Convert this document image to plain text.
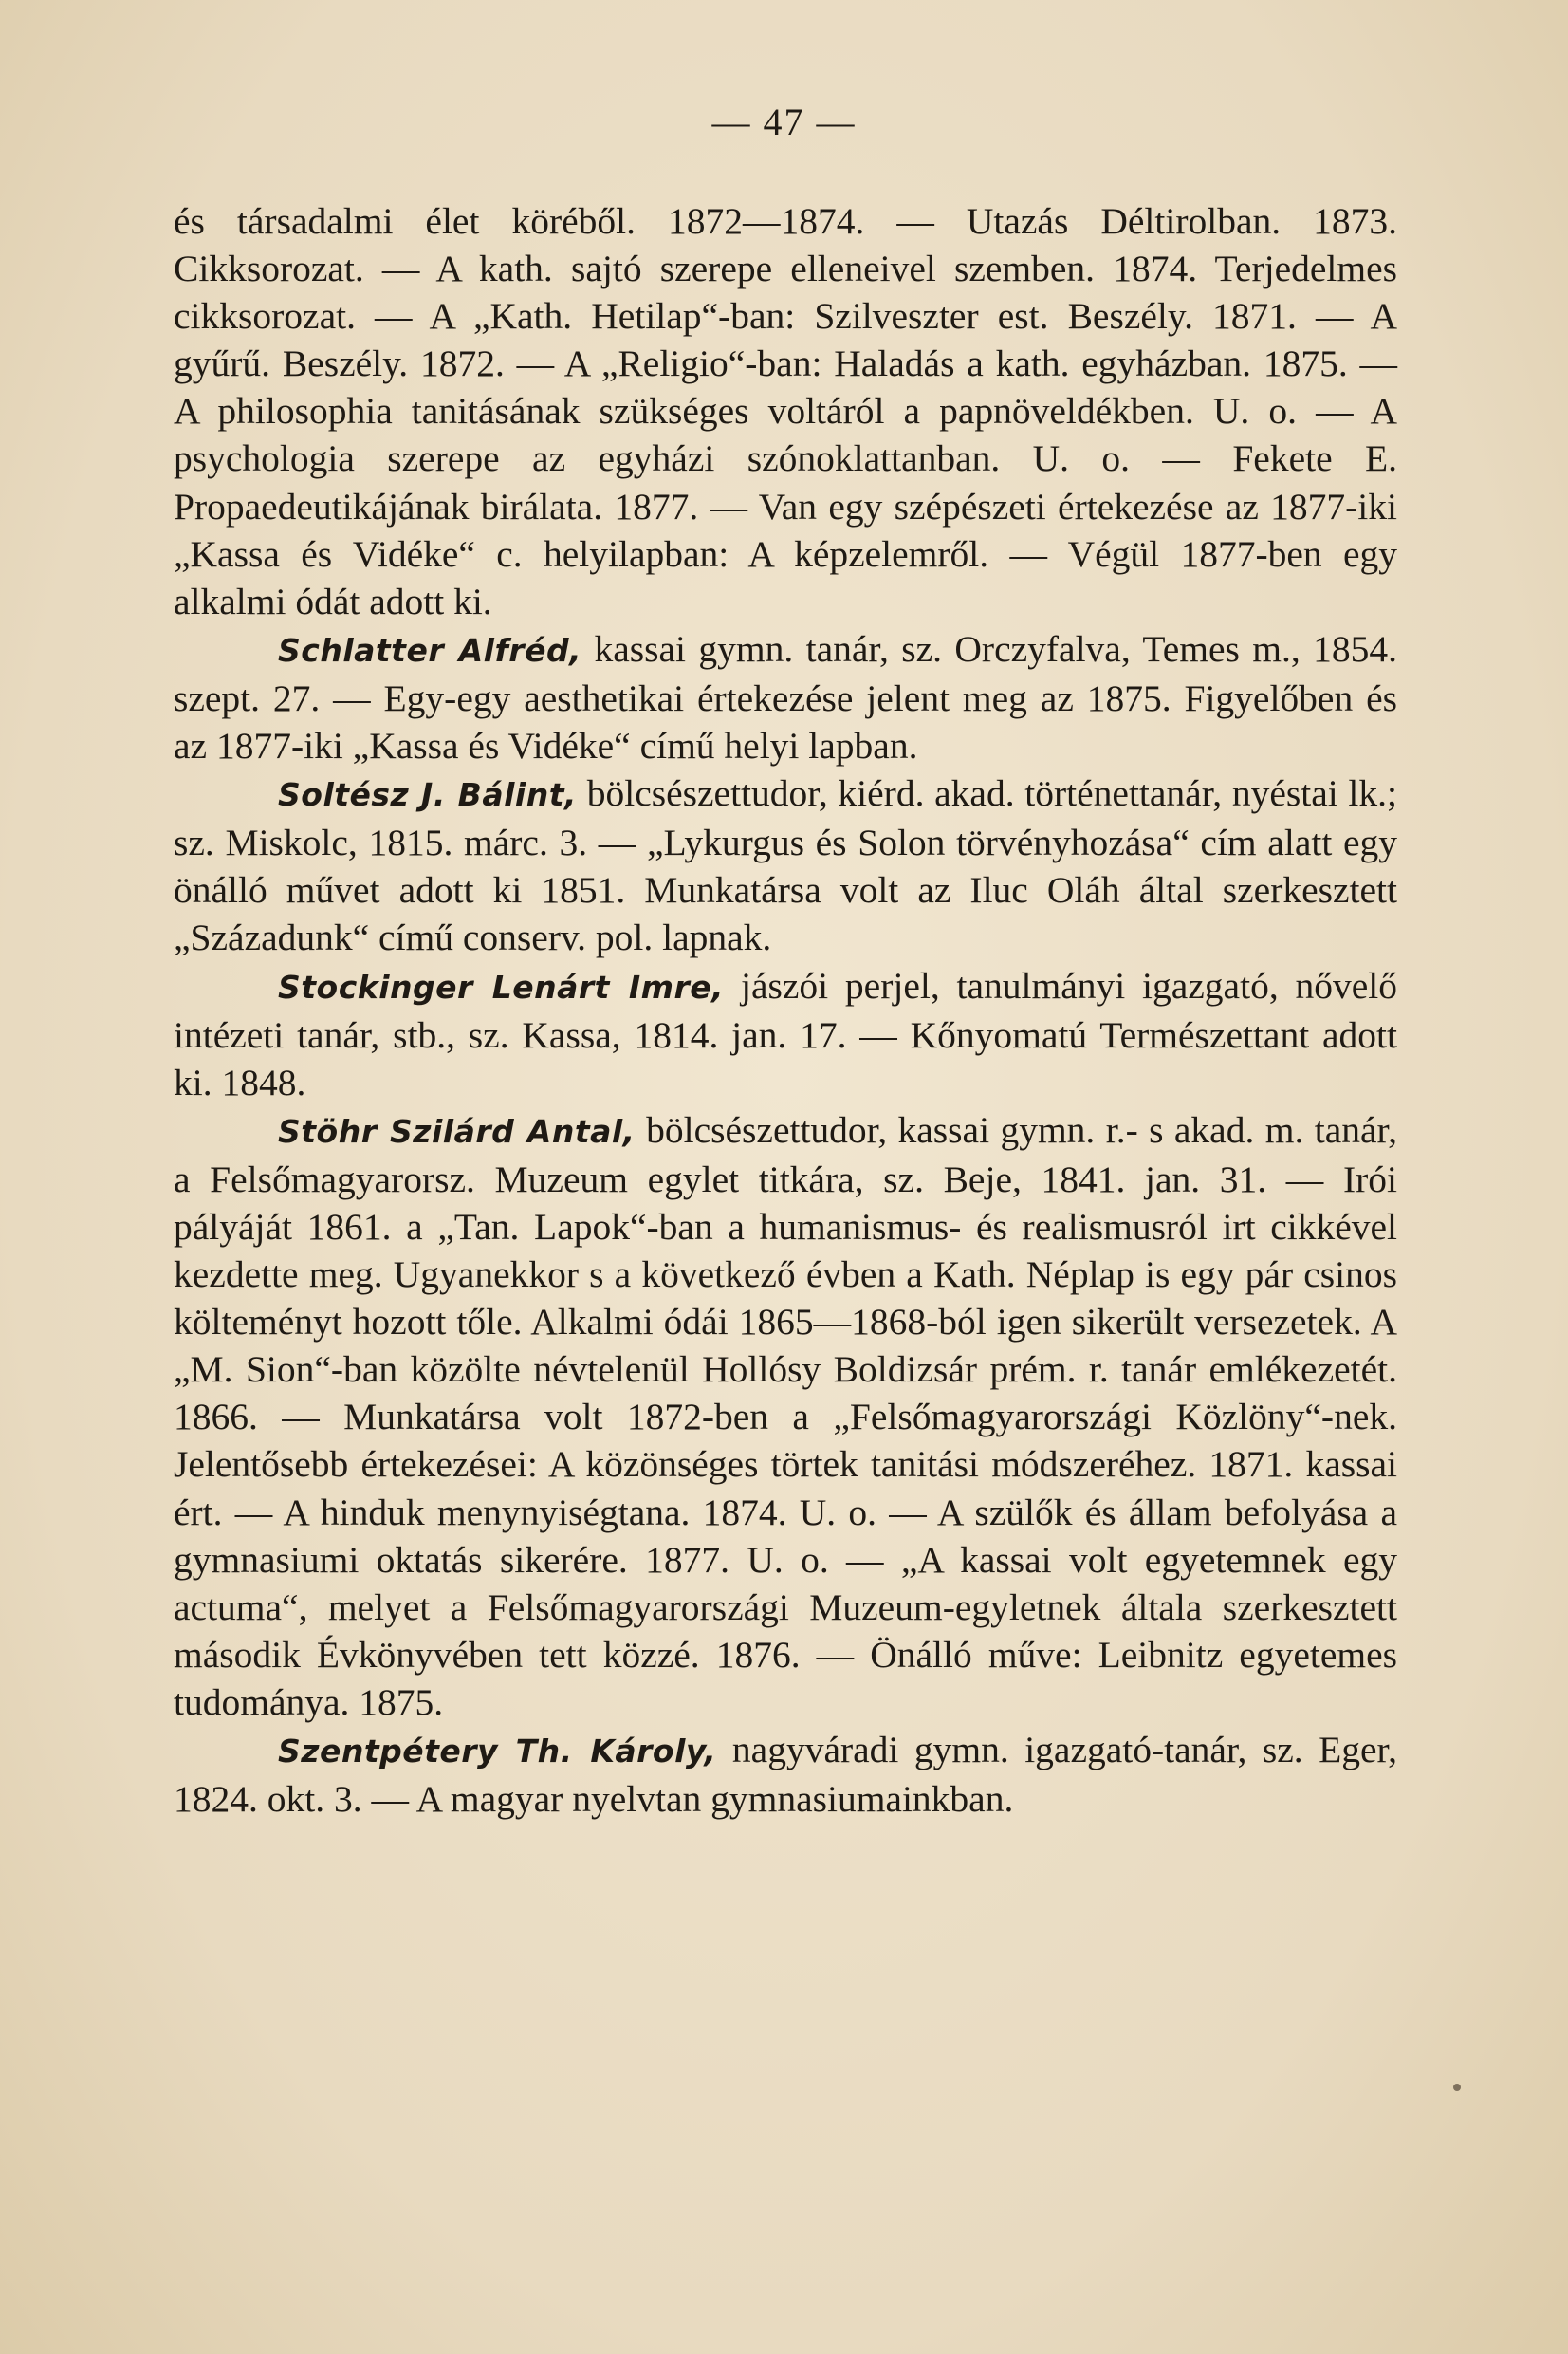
— 47 —

és társadalmi élet köréből. 1872—1874. — Utazás Déltirolban. 1873. Cikksorozat. — A kath. sajtó szerepe elleneivel szemben. 1874. Terjedelmes cikksorozat. — A „Kath. Hetilap“-ban: Szilveszter est. Beszély. 1871. — A gyűrű. Beszély. 1872. — A „Religio“-ban: Haladás a kath. egyházban. 1875. — A philosophia tanitásának szükséges voltáról a papnöveldékben. U. o. — A psychologia szerepe az egyházi szónoklattanban. U. o. — Fekete E. Propaedeutikájának birálata. 1877. — Van egy szépészeti értekezése az 1877-iki „Kassa és Vidéke“ c. helyilapban: A képzelemről. — Végül 1877-ben egy alkalmi ódát adott ki.

Schlatter Alfréd, kassai gymn. tanár, sz. Orczyfalva, Temes m., 1854. szept. 27. — Egy-egy aesthetikai értekezése jelent meg az 1875. Figyelőben és az 1877-iki „Kassa és Vidéke“ című helyi lapban.

Soltész J. Bálint, bölcsészettudor, kiérd. akad. történettanár, nyéstai lk.; sz. Miskolc, 1815. márc. 3. — „Lykurgus és Solon törvényhozása“ cím alatt egy önálló művet adott ki 1851. Munkatársa volt az Iluc Oláh által szerkesztett „Századunk“ című conserv. pol. lapnak.

Stockinger Lenárt Imre, jászói perjel, tanulmányi igazgató, nővelő intézeti tanár, stb., sz. Kassa, 1814. jan. 17. — Kőnyomatú Természettant adott ki. 1848.

Stöhr Szilárd Antal, bölcsészettudor, kassai gymn. r.- s akad. m. tanár, a Felsőmagyarorsz. Muzeum egylet titkára, sz. Beje, 1841. jan. 31. — Irói pályáját 1861. a „Tan. Lapok“-ban a humanismus- és realismusról irt cikkével kezdette meg. Ugyanekkor s a következő évben a Kath. Néplap is egy pár csinos költeményt hozott tőle. Alkalmi ódái 1865—1868-ból igen sikerült versezetek. A „M. Sion“-ban közölte névtelenül Hollósy Boldizsár prém. r. tanár emlékezetét. 1866. — Munkatársa volt 1872-ben a „Felsőmagyarországi Közlöny“-nek. Jelentősebb értekezései: A közönséges törtek tanitási módszeréhez. 1871. kassai ért. — A hinduk menynyiségtana. 1874. U. o. — A szülők és állam befolyása a gymnasiumi oktatás sikerére. 1877. U. o. — „A kassai volt egyetemnek egy actuma“, melyet a Felsőmagyarországi Muzeum-egyletnek általa szerkesztett második Évkönyvében tett közzé. 1876. — Önálló műve: Leibnitz egyetemes tudománya. 1875.

Szentpétery Th. Károly, nagyváradi gymn. igazgató-tanár, sz. Eger, 1824. okt. 3. — A magyar nyelvtan gymnasiumainkban.
